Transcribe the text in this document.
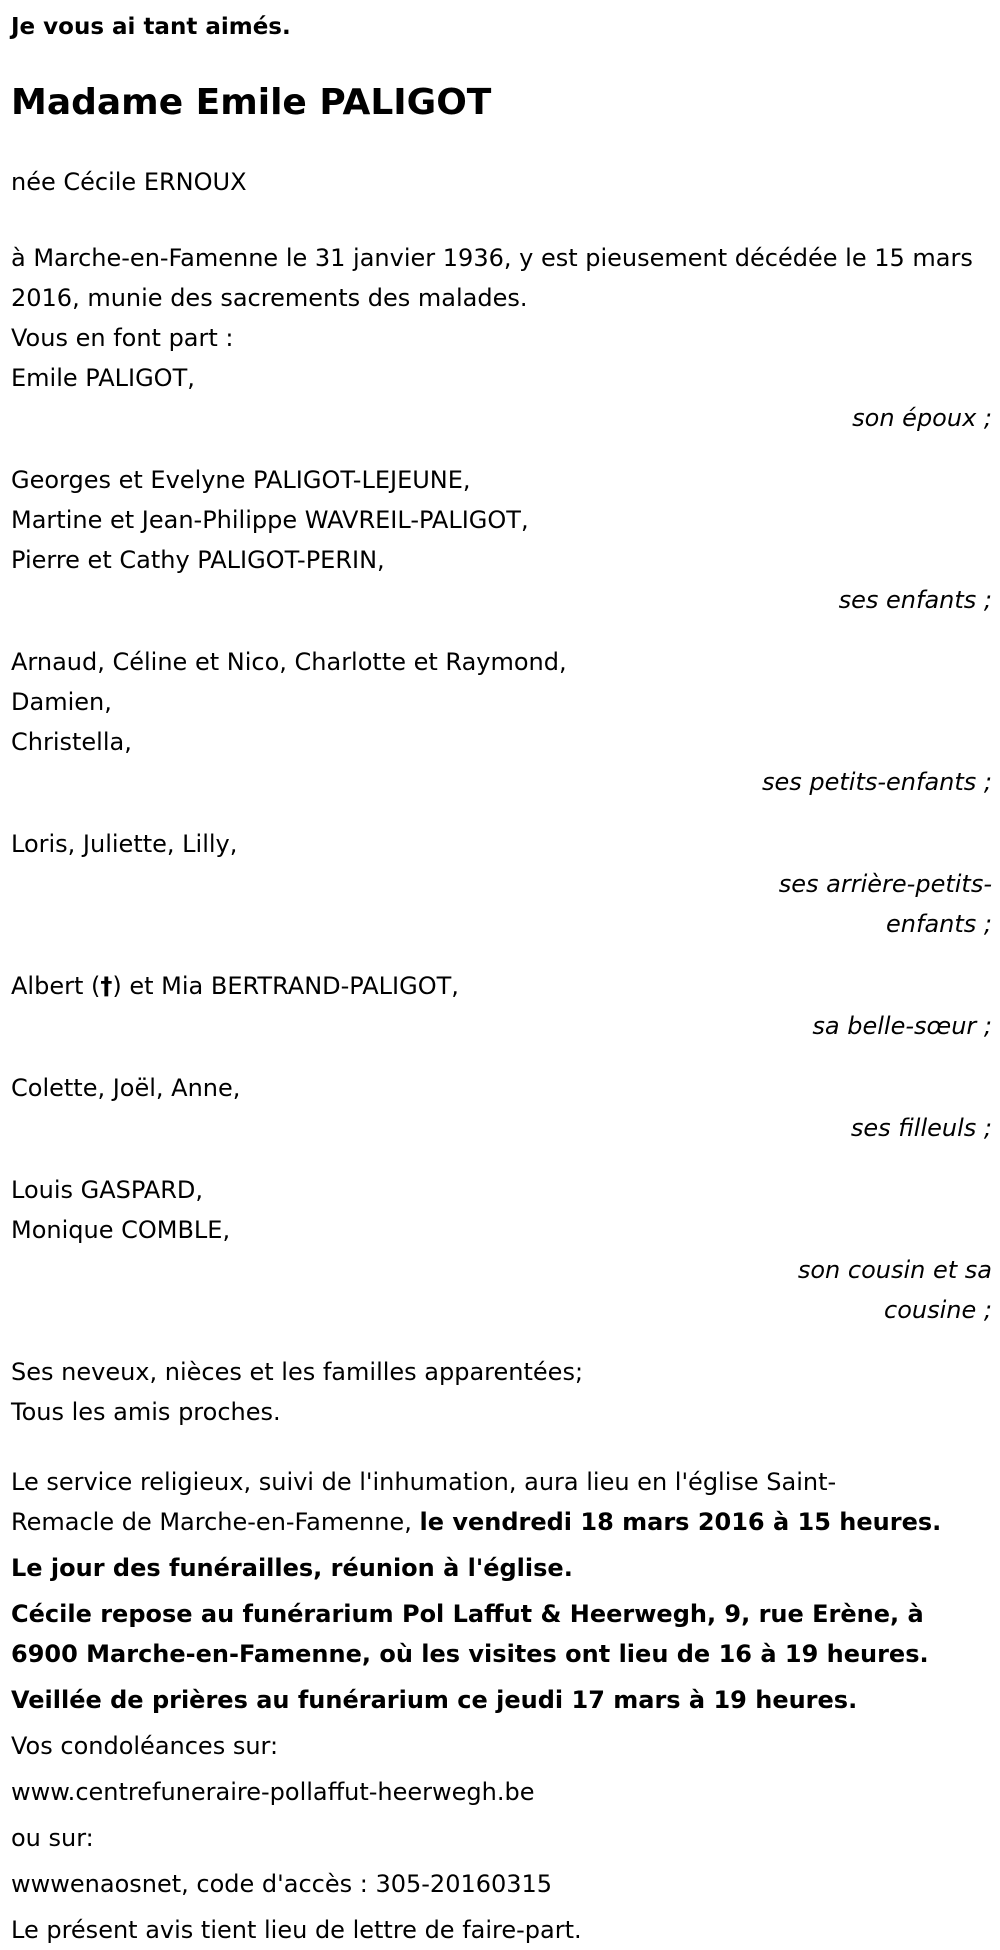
Je vous ai tant aimés.

Madame Emile PALIGOT

née Cécile ERNOUX

à Marche-en-Famenne le 31 janvier 1936, y est pieusement décédée le 15 mars 2016, munie des sacrements des malades.

Vous en font part :

Emile PALIGOT,

son époux ;

Georges et Evelyne PALIGOT-LEJEUNE,

Martine et Jean-Philippe WAVREIL-PALIGOT,

Pierre et Cathy PALIGOT-PERIN,

ses enfants ;

Arnaud, Céline et Nico, Charlotte et Raymond,

Damien,

Christella,

ses petits-enfants ;

Loris, Juliette, Lilly,

ses arrière-petits-

enfants ;

Albert (†) et Mia BERTRAND-PALIGOT,

sa belle-sœur ;

Colette, Joël, Anne,

ses filleuls ;

Louis GASPARD,

Monique COMBLE,

son cousin et sa

cousine ;

Ses neveux, nièces et les familles apparentées;

Tous les amis proches.

Le service religieux, suivi de l'inhumation, aura lieu en l'église Saint-

Remacle de Marche-en-Famenne, le vendredi 18 mars 2016 à 15 heures.

Le jour des funérailles, réunion à l'église.

Cécile repose au funérarium Pol Laffut & Heerwegh, 9, rue Erène, à

6900 Marche-en-Famenne, où les visites ont lieu de 16 à 19 heures.

Veillée de prières au funérarium ce jeudi 17 mars à 19 heures.

Vos condoléances sur:

www.centrefuneraire-pollaffut-heerwegh.be

ou sur:

wwwenaosnet, code d'accès : 305-20160315

Le présent avis tient lieu de lettre de faire-part.
